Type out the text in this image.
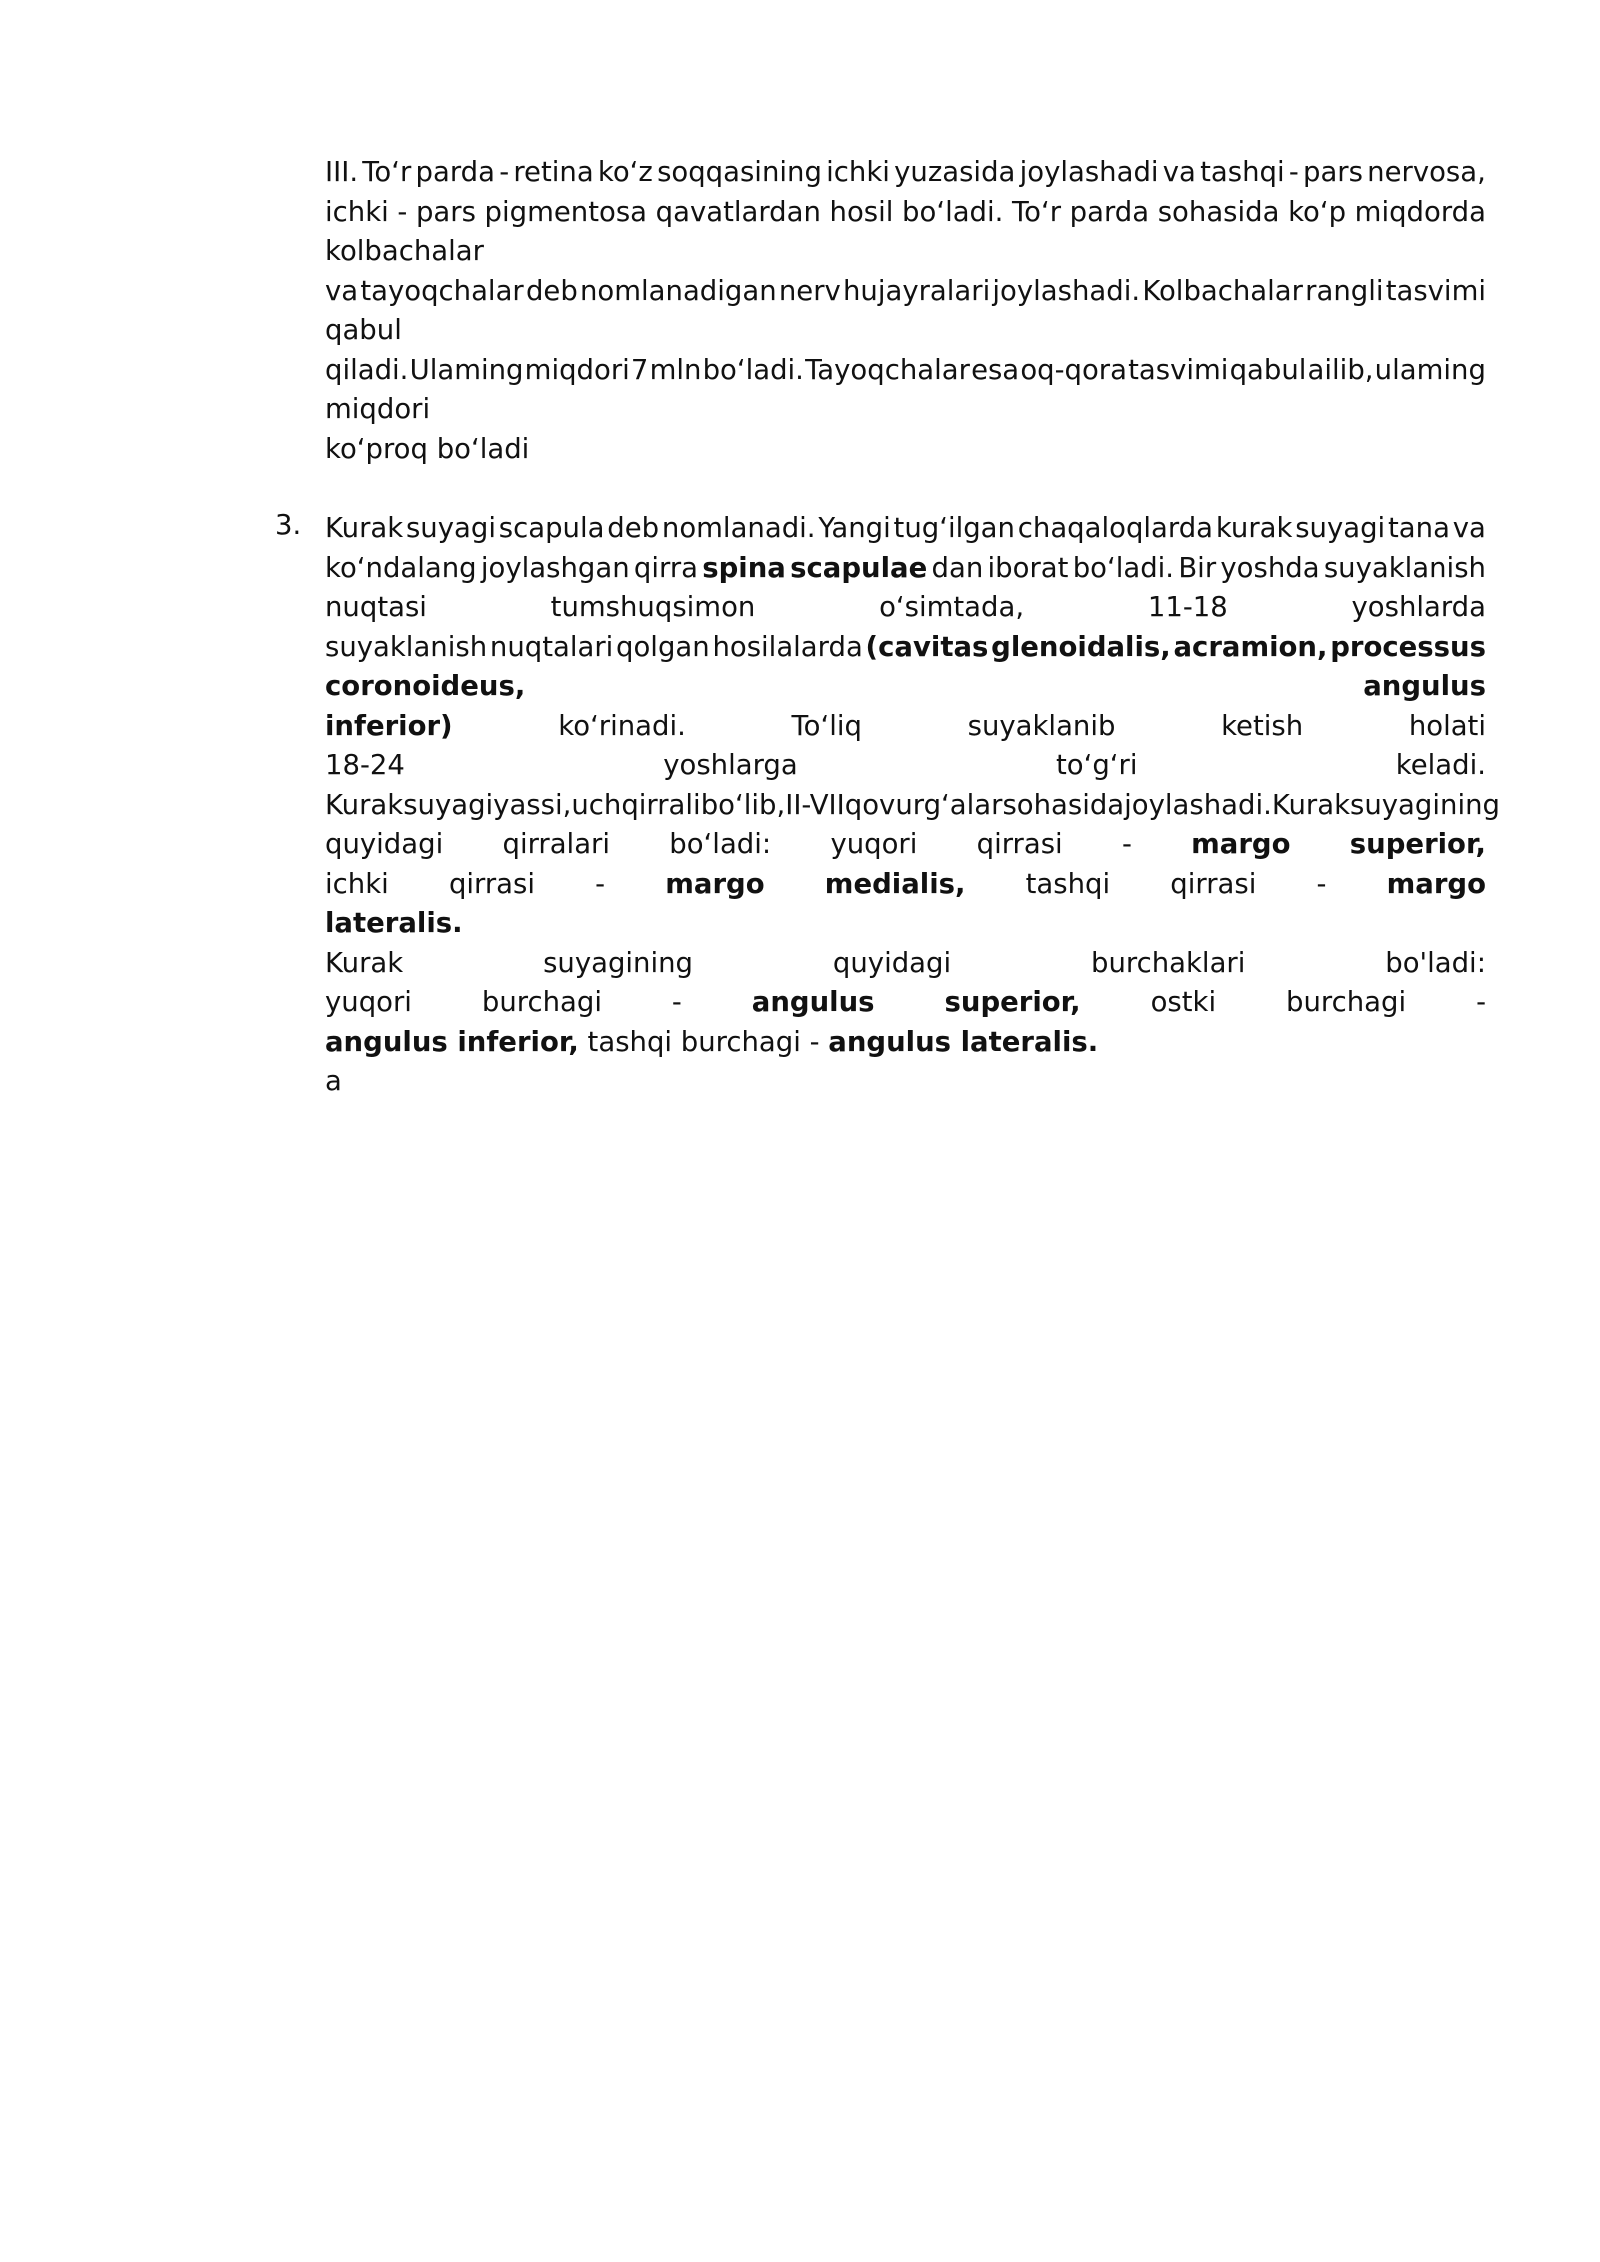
III. To‘r parda - retina ko‘z soqqasining ichki yuzasida joylashadi va tashqi - pars nervosa,
ichki - pars pigmentosa qavatlardan hosil bo‘ladi. To‘r parda sohasida ko‘p miqdorda
kolbachalar
va tayoqchalar deb nomlanadigan nerv hujayralari joylashadi. Kolbachalar rangli tasvimi
qabul
qiladi. Ulaming miqdori 7 mln bo‘ladi. Tayoqchalar esa oq-qora tasvimi qabul ailib, ulaming
miqdori
ko‘proq bo‘ladi
3. Kurak suyagi scapula deb nomlanadi. Yangi tug‘ilgan chaqaloqlarda kurak suyagi tana va
ko‘ndalang joylashgan qirra spina scapulae dan iborat bo‘ladi. Bir yoshda suyaklanish
nuqtasi	tumshuqsimon	o‘simtada,	11-18	yoshlarda
suyaklanish nuqtalari qolgan hosilalarda (cavitas glenoidalis, acramion, processus
coronoideus,	angulus
inferior)	ko‘rinadi.	To‘liq	suyaklanib	ketish	holati
18-24	yoshlarga	to‘g‘ri	keladi.
Kurak suyagi yassi, uch qirrali bo‘lib, II-VII qovurg‘alar sohasida joylashadi. Kurak suyagining
quyidagi qirralari bo‘ladi: yuqori qirrasi - margo superior,
ichki qirrasi - margo medialis, tashqi qirrasi - margo
lateralis.
Kurak	suyagining	quyidagi	burchaklari	bo'ladi:
yuqori	burchagi	-	angulus	superior,	ostki	burchagi	-
angulus inferior, tashqi burchagi - angulus lateralis.
a
